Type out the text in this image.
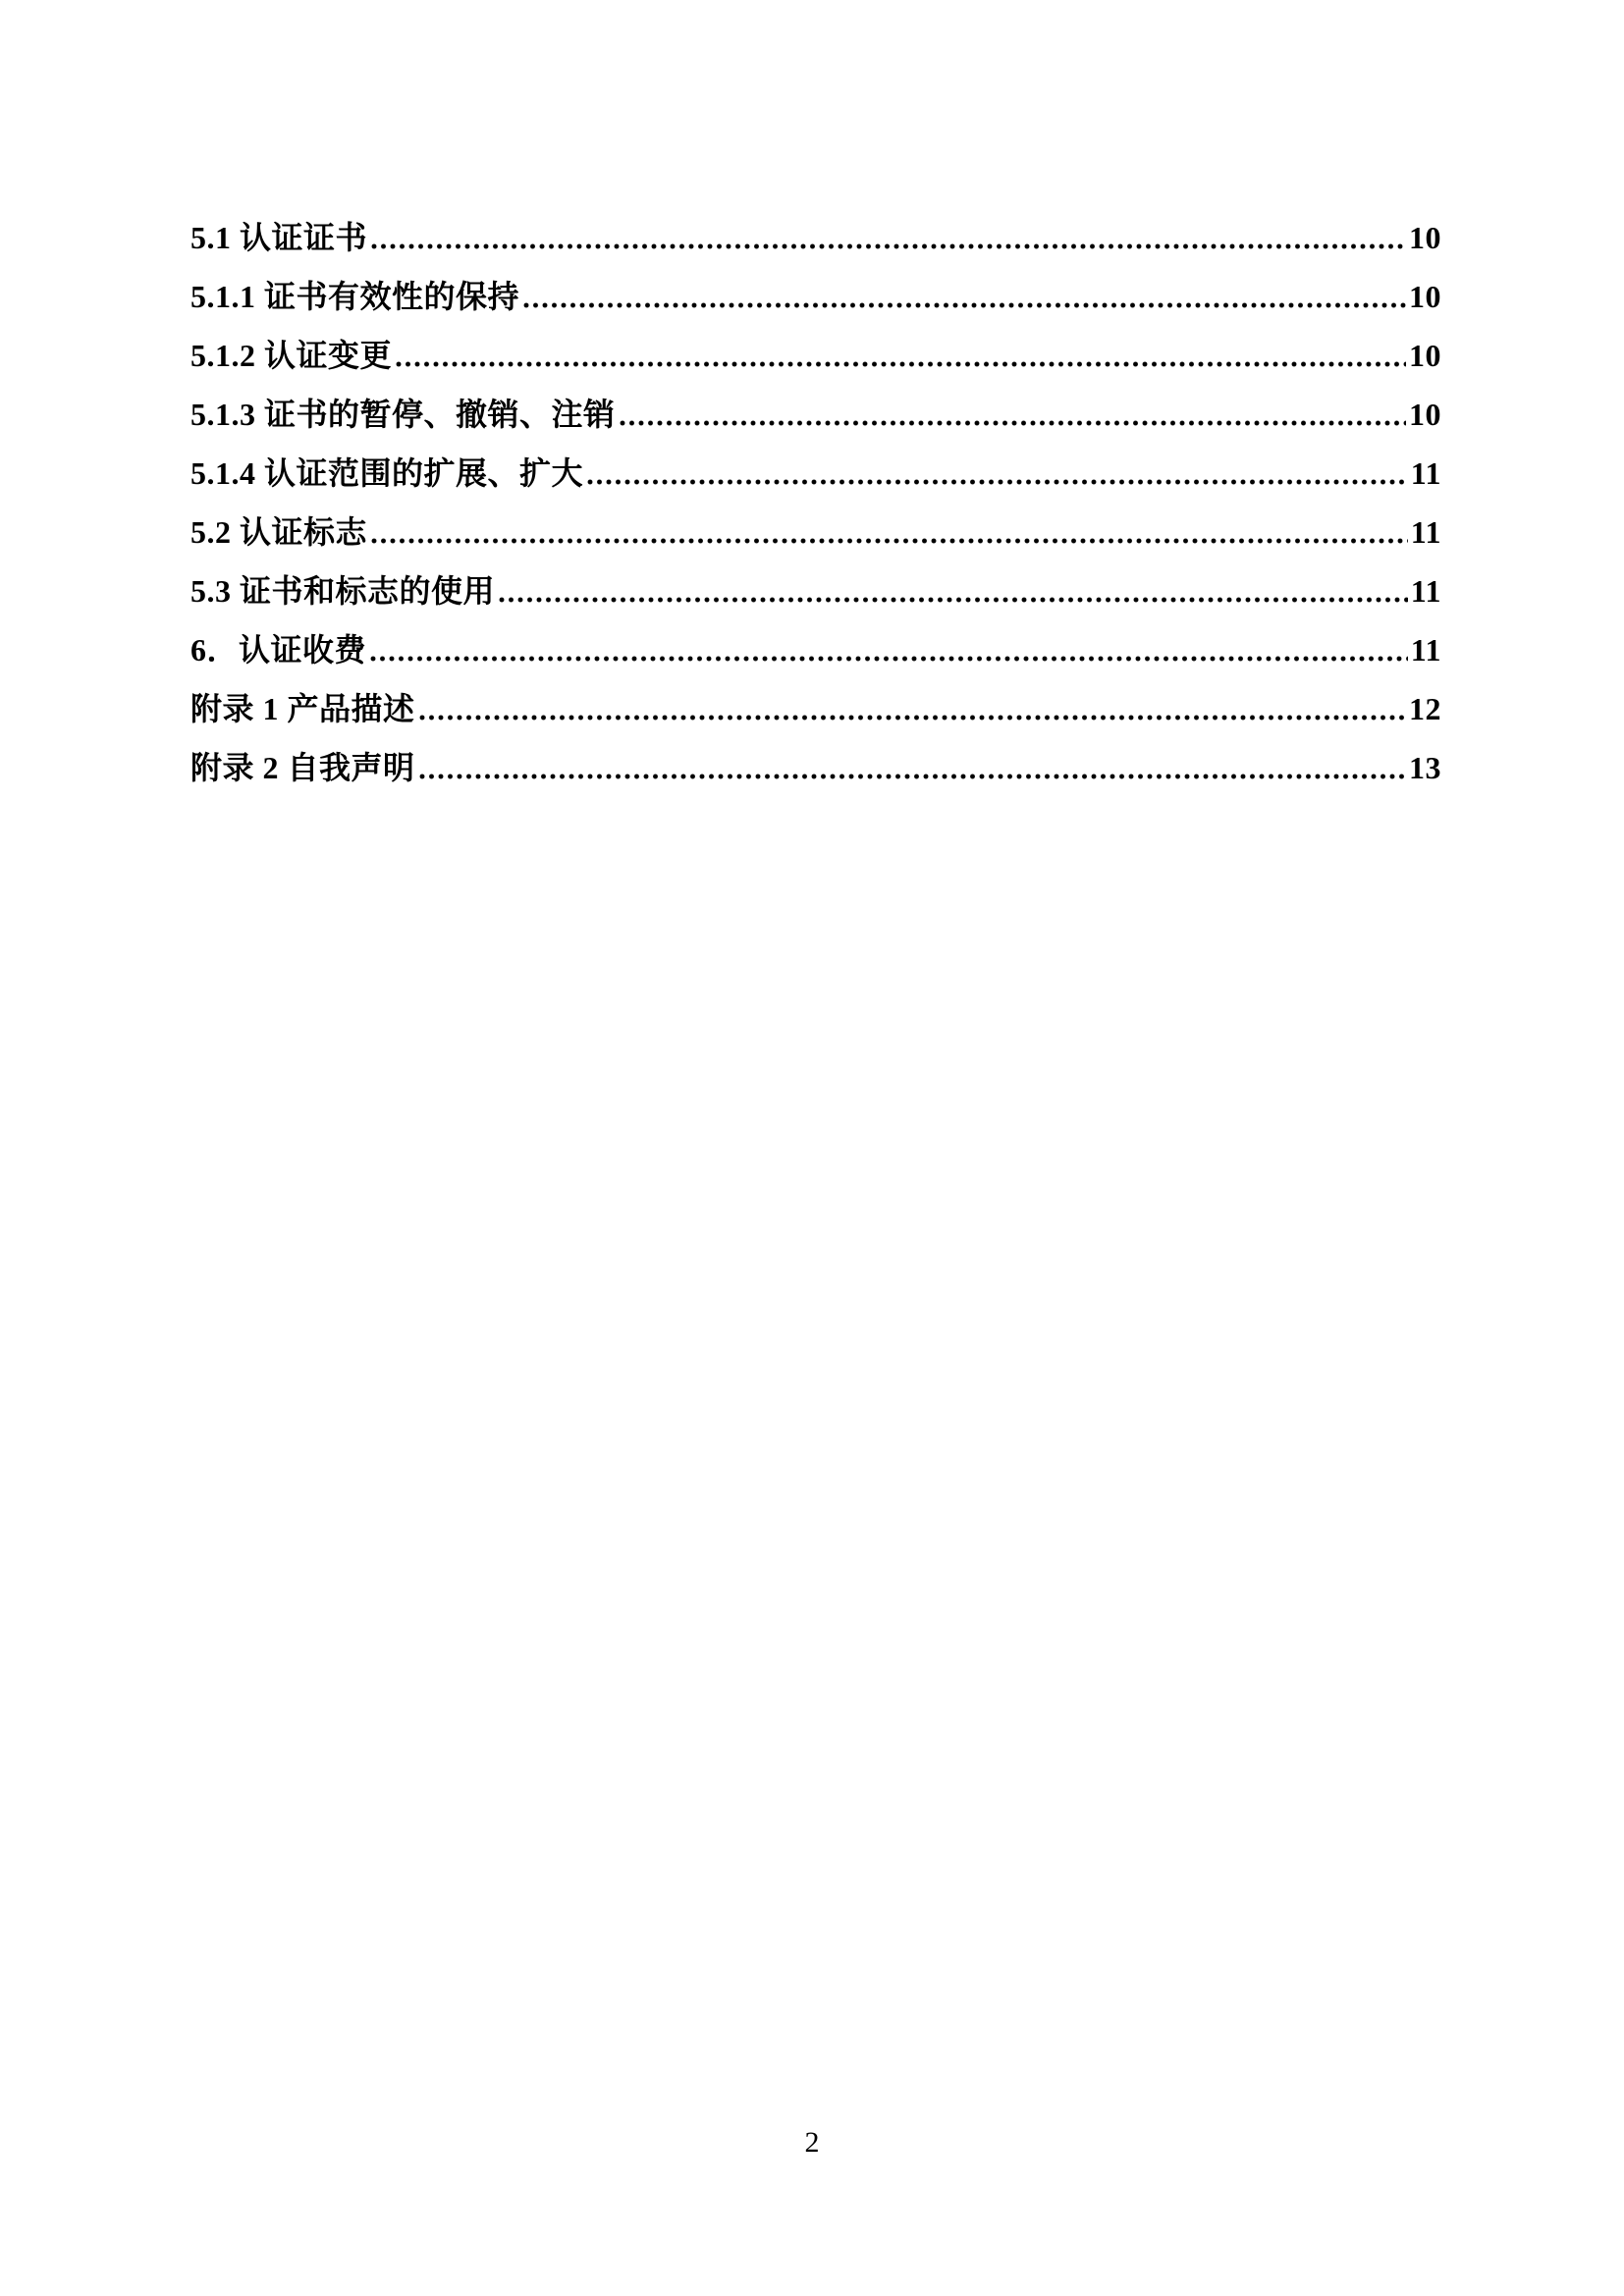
5.1 认证证书	10
5.1.1 证书有效性的保持	10
5.1.2 认证变更	10
5.1.3 证书的暂停、撤销、注销	10
5.1.4 认证范围的扩展、扩大	11
5.2 认证标志	11
5.3 证书和标志的使用	11
6．认证收费	11
附录 1 产品描述	12
附录 2 自我声明	13
2
